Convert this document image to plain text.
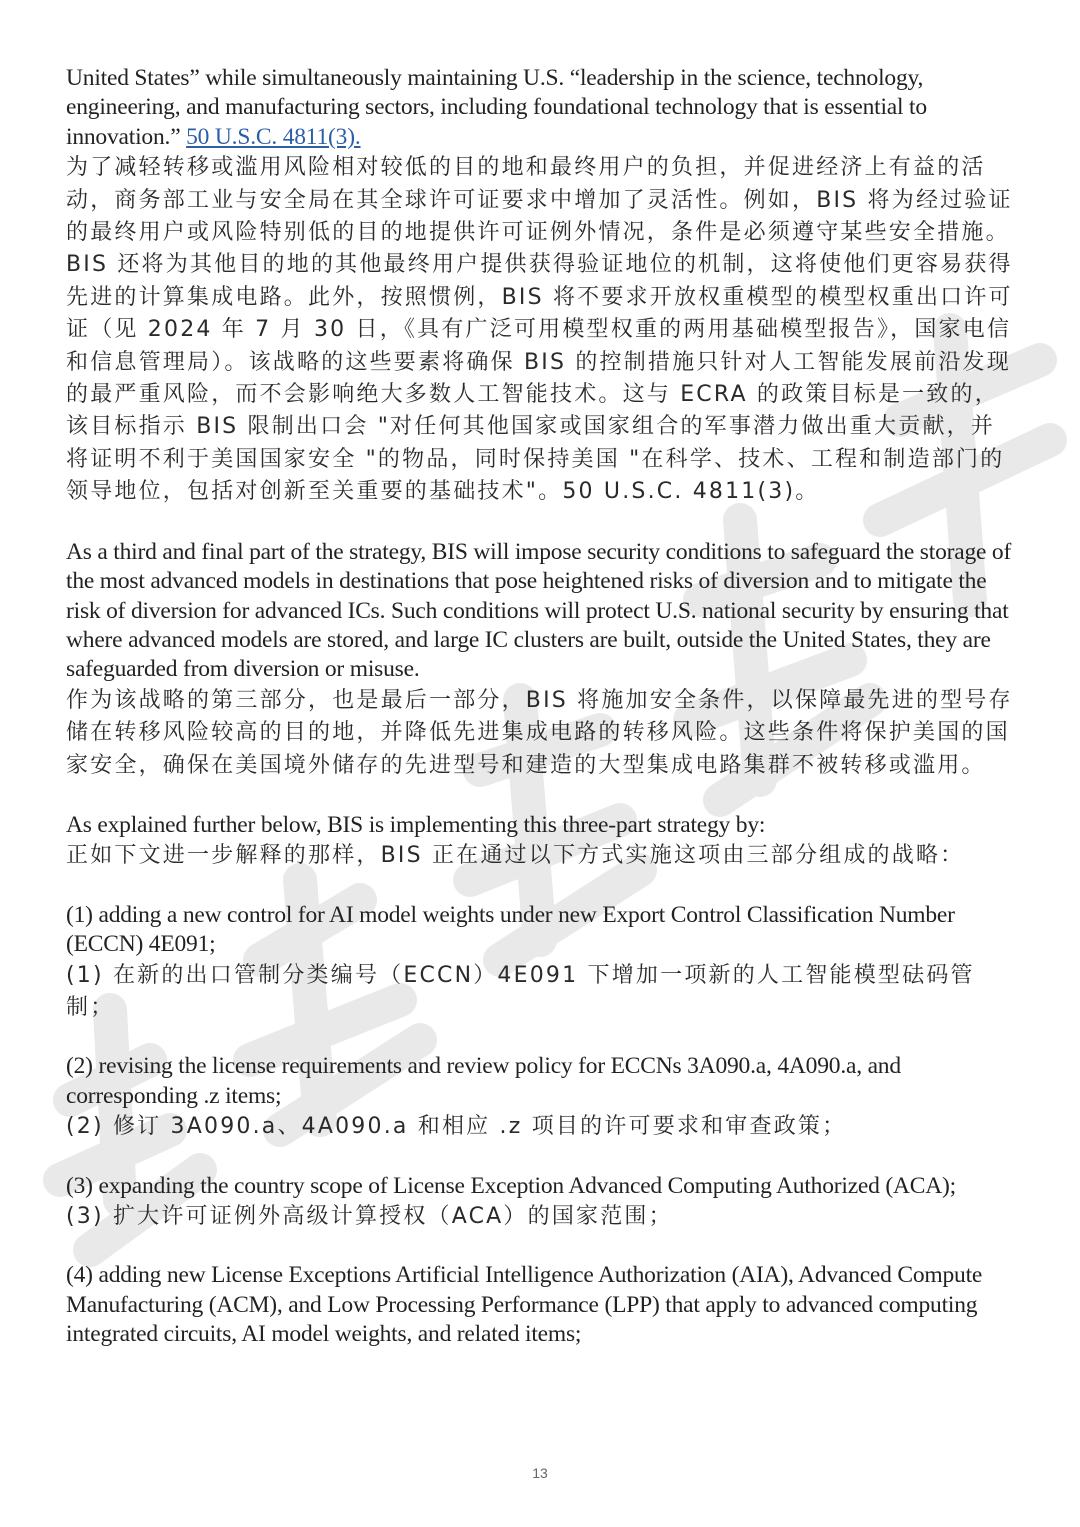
United States” while simultaneously maintaining U.S. “leadership in the science, technology, engineering, and manufacturing sectors, including foundational technology that is essential to innovation.” 50 U.S.C. 4811(3).

为了减轻转移或滥用风险相对较低的目的地和最终用户的负担，并促进经济上有益的活动，商务部工业与安全局在其全球许可证要求中增加了灵活性。例如，BIS 将为经过验证的最终用户或风险特别低的目的地提供许可证例外情况，条件是必须遵守某些安全措施。BIS 还将为其他目的地的其他最终用户提供获得验证地位的机制，这将使他们更容易获得先进的计算集成电路。此外，按照惯例，BIS 将不要求开放权重模型的模型权重出口许可证（见 2024 年 7 月 30 日，《具有广泛可用模型权重的两用基础模型报告》，国家电信和信息管理局）。该战略的这些要素将确保 BIS 的控制措施只针对人工智能发展前沿发现的最严重风险，而不会影响绝大多数人工智能技术。这与 ECRA 的政策目标是一致的，该目标指示 BIS 限制出口会 "对任何其他国家或国家组合的军事潜力做出重大贡献，并将证明不利于美国国家安全 "的物品，同时保持美国 "在科学、技术、工程和制造部门的领导地位，包括对创新至关重要的基础技术"。50 U.S.C. 4811(3)。

As a third and final part of the strategy, BIS will impose security conditions to safeguard the storage of the most advanced models in destinations that pose heightened risks of diversion and to mitigate the risk of diversion for advanced ICs. Such conditions will protect U.S. national security by ensuring that where advanced models are stored, and large IC clusters are built, outside the United States, they are safeguarded from diversion or misuse.

作为该战略的第三部分，也是最后一部分，BIS 将施加安全条件，以保障最先进的型号存储在转移风险较高的目的地，并降低先进集成电路的转移风险。这些条件将保护美国的国家安全，确保在美国境外储存的先进型号和建造的大型集成电路集群不被转移或滥用。

As explained further below, BIS is implementing this three-part strategy by:

正如下文进一步解释的那样，BIS 正在通过以下方式实施这项由三部分组成的战略：

(1) adding a new control for AI model weights under new Export Control Classification Number (ECCN) 4E091;

(1) 在新的出口管制分类编号（ECCN）4E091 下增加一项新的人工智能模型砝码管制；

(2) revising the license requirements and review policy for ECCNs 3A090.a, 4A090.a, and corresponding .z items;

(2) 修订 3A090.a、4A090.a 和相应 .z 项目的许可要求和审查政策；

(3) expanding the country scope of License Exception Advanced Computing Authorized (ACA);

(3) 扩大许可证例外高级计算授权（ACA）的国家范围；

(4) adding new License Exceptions Artificial Intelligence Authorization (AIA), Advanced Compute Manufacturing (ACM), and Low Processing Performance (LPP) that apply to advanced computing integrated circuits, AI model weights, and related items;

13
